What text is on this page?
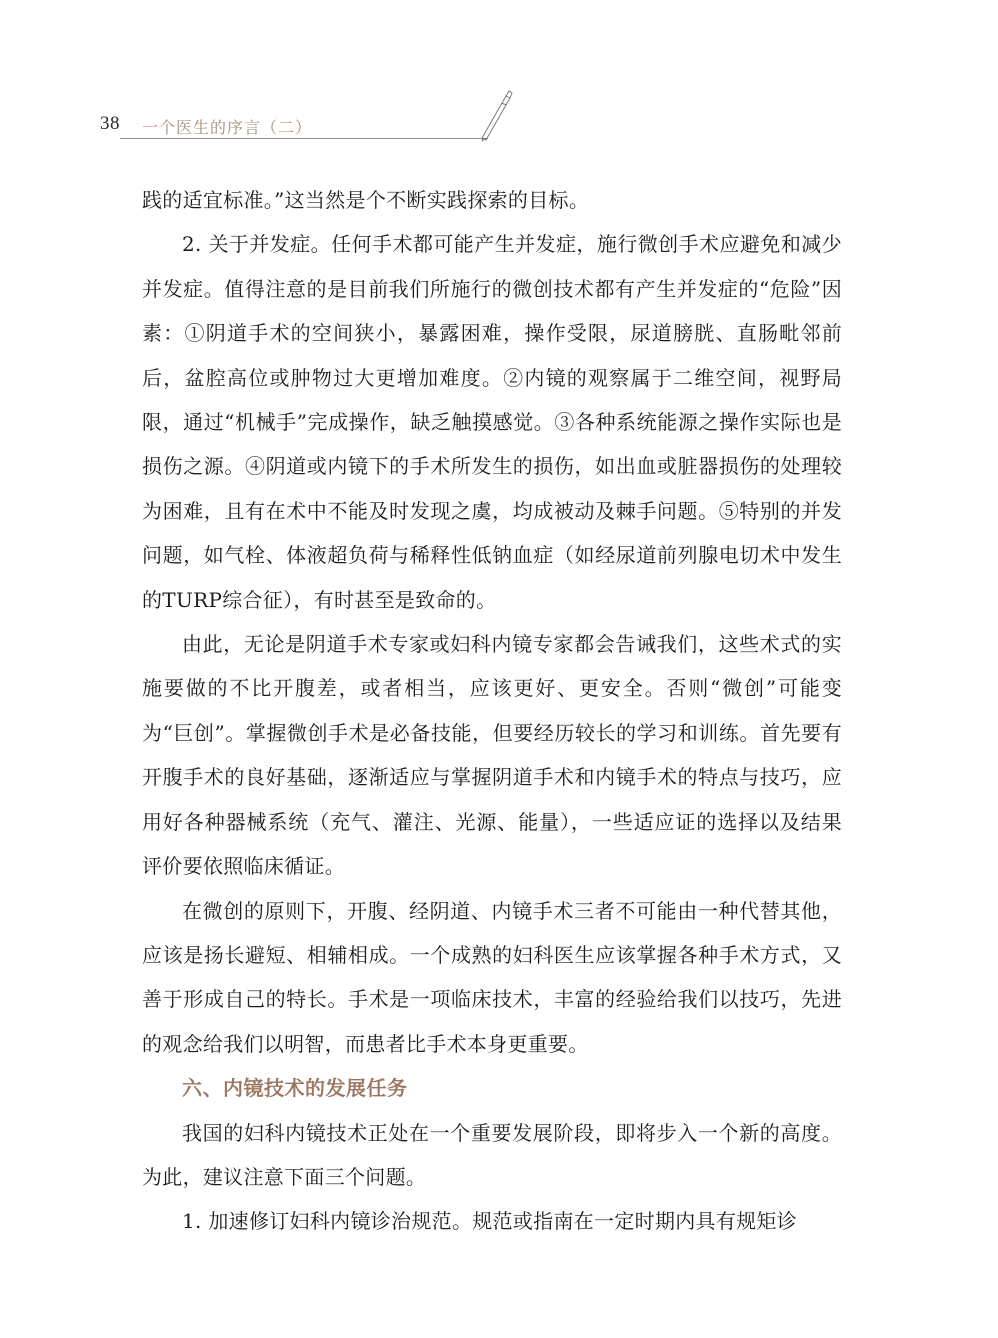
38 一个医生的序言（二）

践的适宜标准。”这当然是个不断实践探索的目标。

2. 关于并发症。任何手术都可能产生并发症，施行微创手术应避免和减少并发症。值得注意的是目前我们所施行的微创技术都有产生并发症的“危险”因素：①阴道手术的空间狭小，暴露困难，操作受限，尿道膀胱、直肠毗邻前后，盆腔高位或肿物过大更增加难度。②内镜的观察属于二维空间，视野局限，通过“机械手”完成操作，缺乏触摸感觉。③各种系统能源之操作实际也是损伤之源。④阴道或内镜下的手术所发生的损伤，如出血或脏器损伤的处理较为困难，且有在术中不能及时发现之虞，均成被动及棘手问题。⑤特别的并发问题，如气栓、体液超负荷与稀释性低钠血症（如经尿道前列腺电切术中发生的TURP综合征），有时甚至是致命的。

由此，无论是阴道手术专家或妇科内镜专家都会告诫我们，这些术式的实施要做的不比开腹差，或者相当，应该更好、更安全。否则“微创”可能变为“巨创”。掌握微创手术是必备技能，但要经历较长的学习和训练。首先要有开腹手术的良好基础，逐渐适应与掌握阴道手术和内镜手术的特点与技巧，应用好各种器械系统（充气、灌注、光源、能量），一些适应证的选择以及结果评价要依照临床循证。

在微创的原则下，开腹、经阴道、内镜手术三者不可能由一种代替其他，应该是扬长避短、相辅相成。一个成熟的妇科医生应该掌握各种手术方式，又善于形成自己的特长。手术是一项临床技术，丰富的经验给我们以技巧，先进的观念给我们以明智，而患者比手术本身更重要。

六、内镜技术的发展任务

我国的妇科内镜技术正处在一个重要发展阶段，即将步入一个新的高度。为此，建议注意下面三个问题。

1. 加速修订妇科内镜诊治规范。规范或指南在一定时期内具有规矩诊
